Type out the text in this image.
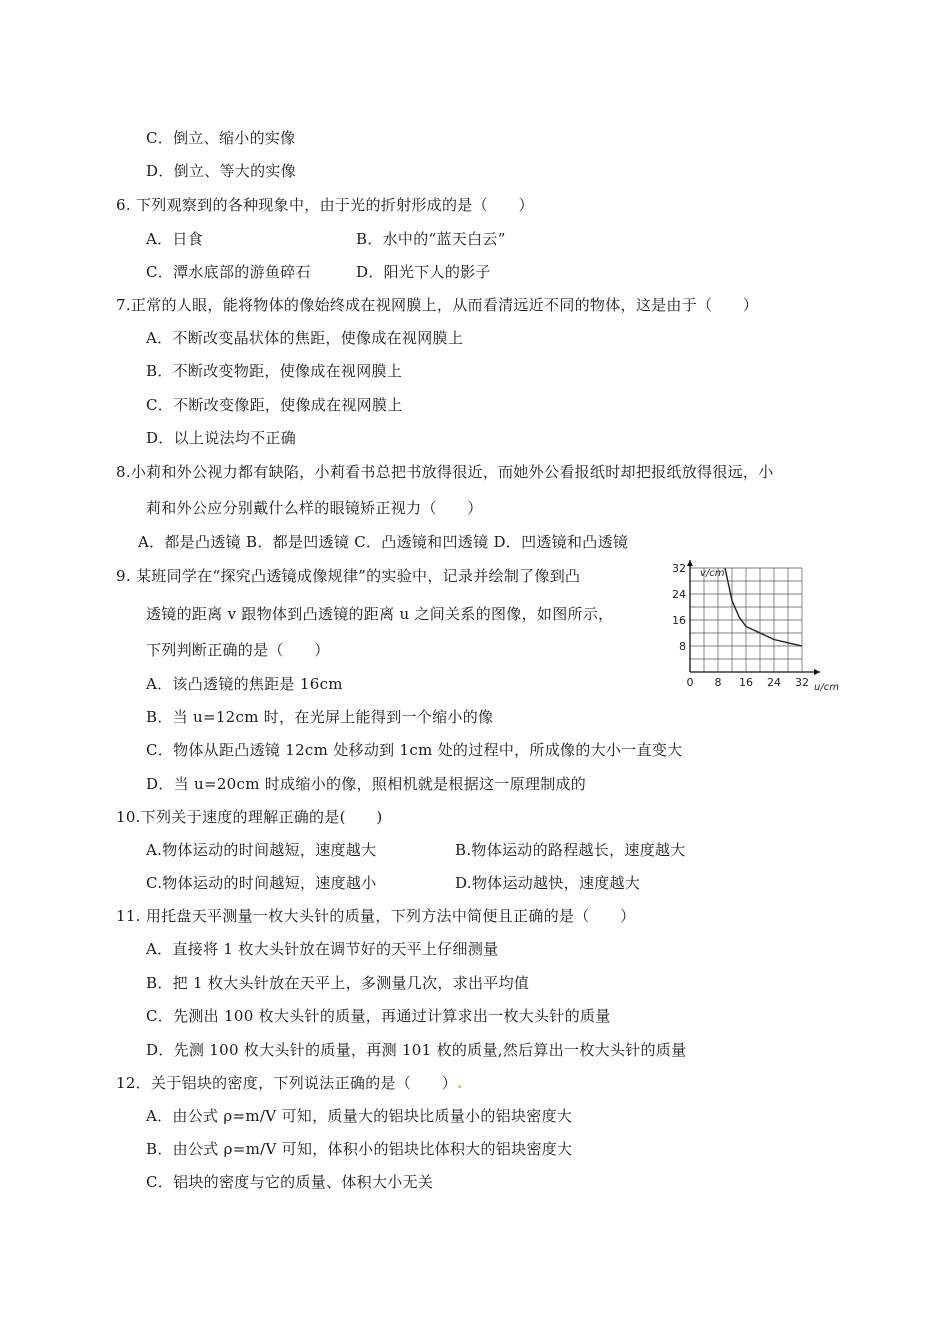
C．倒立、缩小的实像
D．倒立、等大的实像
6. 下列观察到的各种现象中，由于光的折射形成的是（　　）
A．日食	B．水中的“蓝天白云”
C．潭水底部的游鱼碎石	D．阳光下人的影子
7.正常的人眼，能将物体的像始终成在视网膜上，从而看清远近不同的物体，这是由于（　　）
A．不断改变晶状体的焦距，使像成在视网膜上
B．不断改变物距，使像成在视网膜上
C．不断改变像距，使像成在视网膜上
D．以上说法均不正确
8.小莉和外公视力都有缺陷，小莉看书总把书放得很近，而她外公看报纸时却把报纸放得很远，小
莉和外公应分别戴什么样的眼镜矫正视力（　　）
A．都是凸透镜 B．都是凹透镜 C．凸透镜和凹透镜 D．凹透镜和凸透镜
9. 某班同学在“探究凸透镜成像规律”的实验中，记录并绘制了像到凸
透镜的距离 v 跟物体到凸透镜的距离 u 之间关系的图像，如图所示，
下列判断正确的是（　　）
A．该凸透镜的焦距是 16cm
B．当 u=12cm 时，在光屏上能得到一个缩小的像
C．物体从距凸透镜 12cm 处移动到 1cm 处的过程中，所成像的大小一直变大
D．当 u=20cm 时成缩小的像，照相机就是根据这一原理制成的
0 8 16 24 32
8
16
24
32 v/cm
u/cm
10.下列关于速度的理解正确的是(　　)
A.物体运动的时间越短，速度越大	B.物体运动的路程越长，速度越大
C.物体运动的时间越短，速度越小	D.物体运动越快，速度越大
11. 用托盘天平测量一枚大头针的质量，下列方法中简便且正确的是（　　）
A．直接将 1 枚大头针放在调节好的天平上仔细测量
B．把 1 枚大头针放在天平上，多测量几次，求出平均值
C．先测出 100 枚大头针的质量，再通过计算求出一枚大头针的质量
D．先测 100 枚大头针的质量，再测 101 枚的质量,然后算出一枚大头针的质量
12．关于铝块的密度，下列说法正确的是（　　）.
A．由公式 ρ=m/V 可知，质量大的铝块比质量小的铝块密度大
B．由公式 ρ=m/V 可知，体积小的铝块比体积大的铝块密度大
C．铝块的密度与它的质量、体积大小无关
